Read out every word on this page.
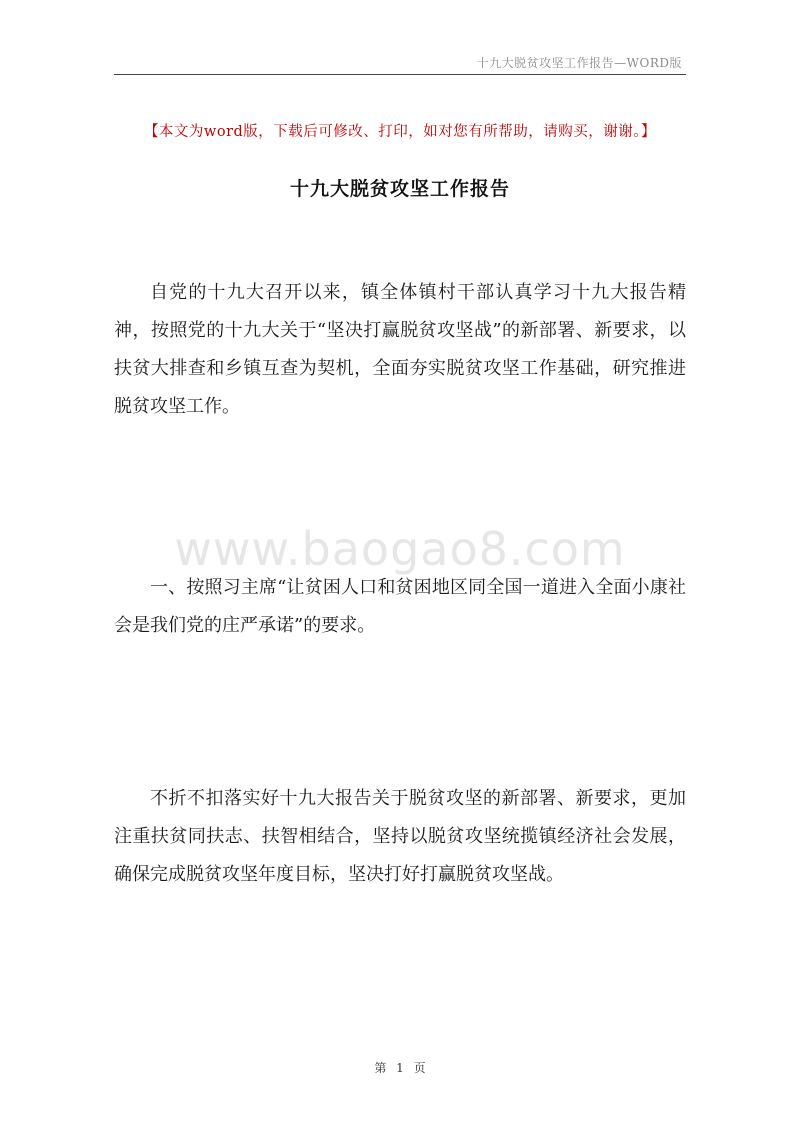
十九大脱贫攻坚工作报告—WORD版
【本文为word版，下载后可修改、打印，如对您有所帮助，请购买，谢谢。】
十九大脱贫攻坚工作报告

自党的十九大召开以来，镇全体镇村干部认真学习十九大报告精神，按照党的十九大关于“坚决打赢脱贫攻坚战”的新部署、新要求，以扶贫大排查和乡镇互查为契机，全面夯实脱贫攻坚工作基础，研究推进脱贫攻坚工作。

www.baogao8.com

一、按照习主席“让贫困人口和贫困地区同全国一道进入全面小康社会是我们党的庄严承诺”的要求。

不折不扣落实好十九大报告关于脱贫攻坚的新部署、新要求，更加注重扶贫同扶志、扶智相结合，坚持以脱贫攻坚统揽镇经济社会发展，确保完成脱贫攻坚年度目标，坚决打好打赢脱贫攻坚战。

第 1 页
